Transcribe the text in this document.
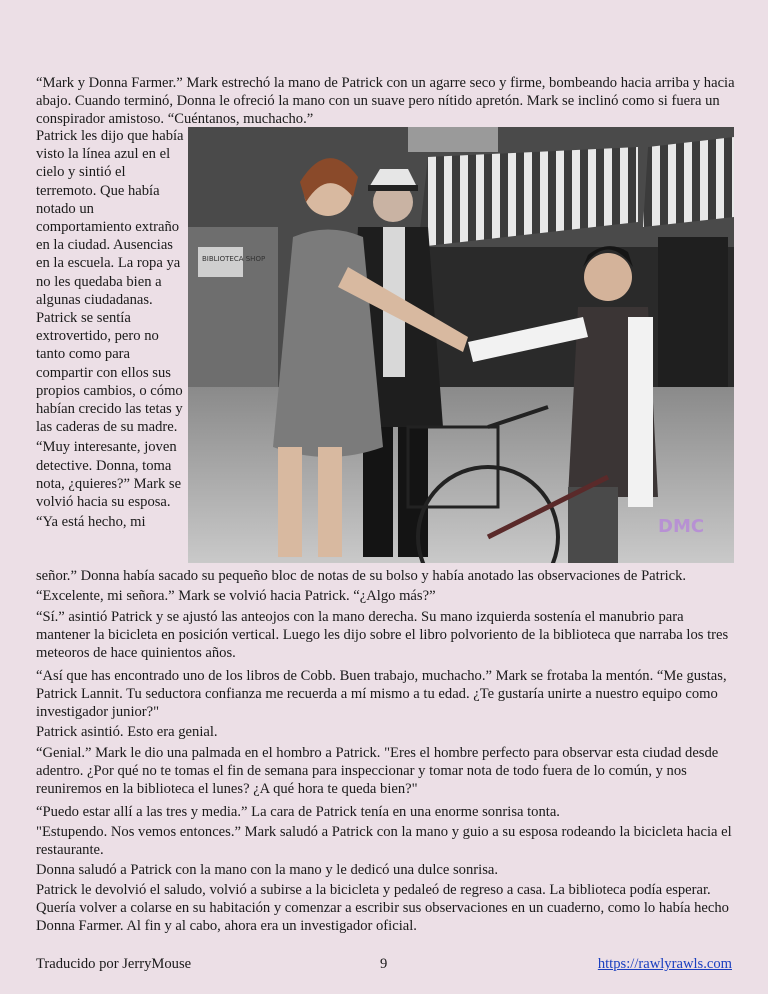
“Mark y Donna Farmer.” Mark estrechó la mano de Patrick con un agarre seco y firme, bombeando hacia arriba y hacia abajo. Cuando terminó, Donna le ofreció la mano con un suave pero nítido apretón. Mark se inclinó como si fuera un conspirador amistoso. “Cuéntanos, muchacho.”

Patrick les dijo que había visto la línea azul en el cielo y sintió el terremoto. Que había notado un comportamiento extraño en la ciudad. Ausencias en la escuela. La ropa ya no les quedaba bien a algunas ciudadanas. Patrick se sentía extrovertido, pero no tanto como para compartir con ellos sus propios cambios, o cómo habían crecido las tetas y las caderas de su madre.

“Muy interesante, joven detective. Donna, toma nota, ¿quieres?” Mark se volvió hacia su esposa.

“Ya está hecho, mi

BIBLIOTECA SHOP
DMC

señor.” Donna había sacado su pequeño bloc de notas de su bolso y había anotado las observaciones de Patrick.

“Excelente, mi señora.” Mark se volvió hacia Patrick. “¿Algo más?”

“Sí.” asintió Patrick y se ajustó las anteojos con la mano derecha. Su mano izquierda sostenía el manubrio para mantener la bicicleta en posición vertical. Luego les dijo sobre el libro polvoriento de la biblioteca que narraba los tres meteoros de hace quinientos años.

“Así que has encontrado uno de los libros de Cobb. Buen trabajo, muchacho.” Mark se frotaba la mentón. “Me gustas, Patrick Lannit. Tu seductora confianza me recuerda a mí mismo a tu edad. ¿Te gustaría unirte a nuestro equipo como investigador junior?"

Patrick asintió. Esto era genial.

“Genial.” Mark le dio una palmada en el hombro a Patrick. "Eres el hombre perfecto para observar esta ciudad desde adentro. ¿Por qué no te tomas el fin de semana para inspeccionar y tomar nota de todo fuera de lo común, y nos reuniremos en la biblioteca el lunes? ¿A qué hora te queda bien?"

“Puedo estar allí a las tres y media.” La cara de Patrick tenía en una enorme sonrisa tonta.

"Estupendo. Nos vemos entonces.” Mark saludó a Patrick con la mano y guio a su esposa rodeando la bicicleta hacia el restaurante.

Donna saludó a Patrick con la mano con la mano y le dedicó una dulce sonrisa.

Patrick le devolvió el saludo, volvió a subirse a la bicicleta y pedaleó de regreso a casa. La biblioteca podía esperar. Quería volver a colarse en su habitación y comenzar a escribir sus observaciones en un cuaderno, como lo había hecho Donna Farmer. Al fin y al cabo, ahora era un investigador oficial.

Traducido por JerryMouse	9	https://rawlyrawls.com
